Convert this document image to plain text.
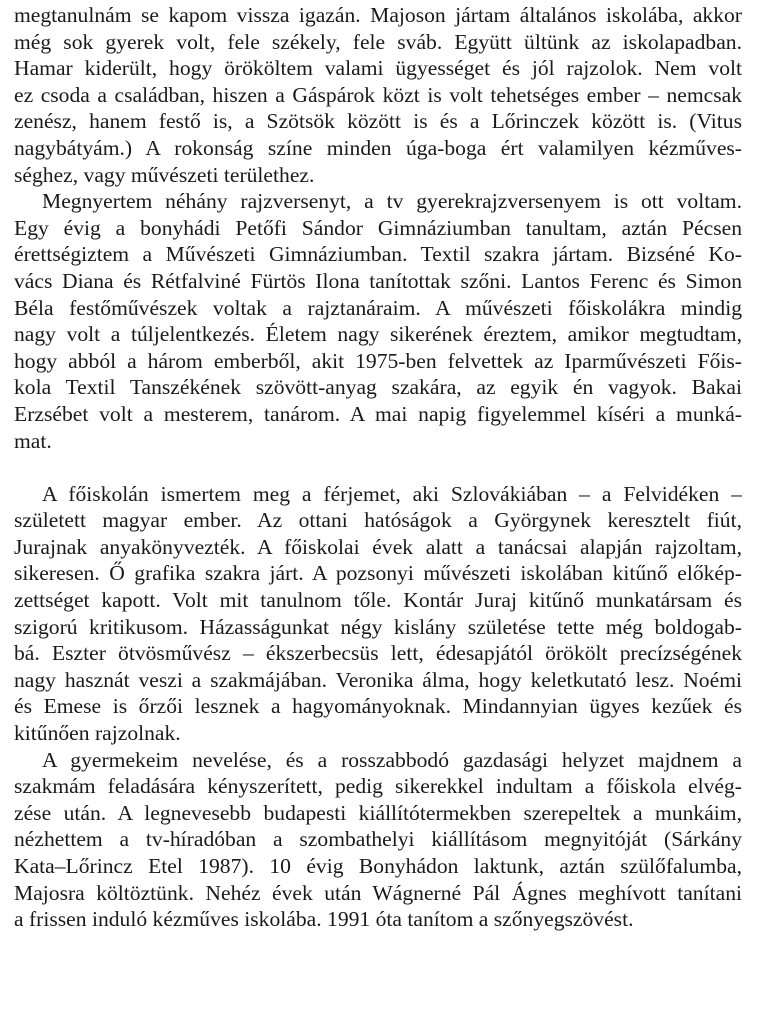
megtanulnám se kapom vissza igazán. Majoson jártam általános iskolába, akkor
még sok gyerek volt, fele székely, fele sváb. Együtt ültünk az iskolapadban.
Hamar kiderült, hogy örököltem valami ügyességet és jól rajzolok. Nem volt
ez csoda a családban, hiszen a Gáspárok közt is volt tehetséges ember – nemcsak
zenész, hanem festő is, a Szötsök között is és a Lőrinczek között is. (Vitus
nagybátyám.) A rokonság színe minden úga-boga ért valamilyen kézműves-
séghez, vagy művészeti területhez.
Megnyertem néhány rajzversenyt, a tv gyerekrajzversenyem is ott voltam.
Egy évig a bonyhádi Petőfi Sándor Gimnáziumban tanultam, aztán Pécsen
érettségiztem a Művészeti Gimnáziumban. Textil szakra jártam. Bizséné Ko-
vács Diana és Rétfalviné Fürtös Ilona tanítottak szőni. Lantos Ferenc és Simon
Béla festőművészek voltak a rajztanáraim. A művészeti főiskolákra mindig
nagy volt a túljelentkezés. Életem nagy sikerének éreztem, amikor megtudtam,
hogy abból a három emberből, akit 1975-ben felvettek az Iparművészeti Főis-
kola Textil Tanszékének szövött-anyag szakára, az egyik én vagyok. Bakai
Erzsébet volt a mesterem, tanárom. A mai napig figyelemmel kíséri a munká-
mat.
A főiskolán ismertem meg a férjemet, aki Szlovákiában – a Felvidéken –
született magyar ember. Az ottani hatóságok a Györgynek keresztelt fiút,
Jurajnak anyakönyvezték. A főiskolai évek alatt a tanácsai alapján rajzoltam,
sikeresen. Ő grafika szakra járt. A pozsonyi művészeti iskolában kitűnő előkép-
zettséget kapott. Volt mit tanulnom tőle. Kontár Juraj kitűnő munkatársam és
szigorú kritikusom. Házasságunkat négy kislány születése tette még boldogab-
bá. Eszter ötvösművész – ékszerbecsüs lett, édesapjától örökölt precízségének
nagy hasznát veszi a szakmájában. Veronika álma, hogy keletkutató lesz. Noémi
és Emese is őrzői lesznek a hagyományoknak. Mindannyian ügyes kezűek és
kitűnően rajzolnak.
A gyermekeim nevelése, és a rosszabbodó gazdasági helyzet majdnem a
szakmám feladására kényszerített, pedig sikerekkel indultam a főiskola elvég-
zése után. A legnevesebb budapesti kiállítótermekben szerepeltek a munkáim,
nézhettem a tv-híradóban a szombathelyi kiállításom megnyitóját (Sárkány
Kata–Lőrincz Etel 1987). 10 évig Bonyhádon laktunk, aztán szülőfalumba,
Majosra költöztünk. Nehéz évek után Wágnerné Pál Ágnes meghívott tanítani
a frissen induló kézműves iskolába. 1991 óta tanítom a szőnyegszövést.
